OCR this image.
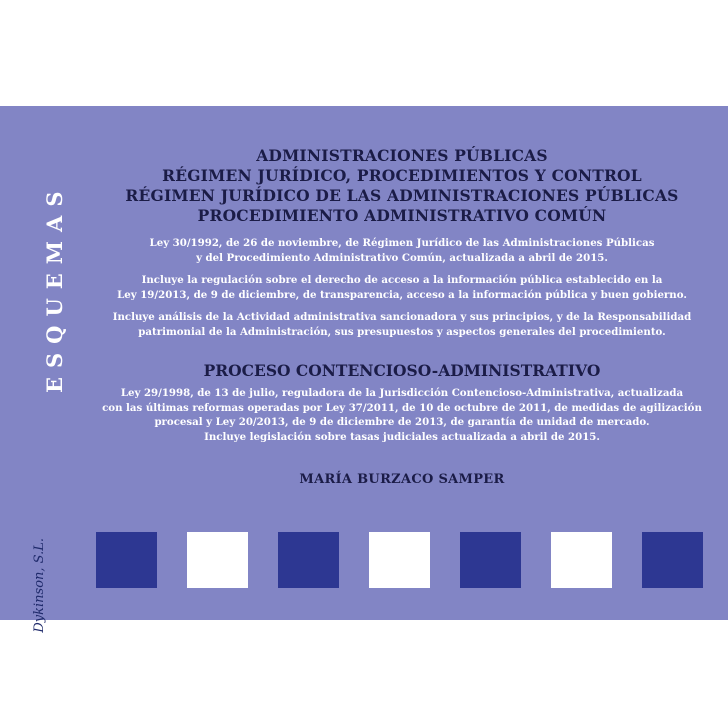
ESQUEMAS
Dykinson, S.L.

ADMINISTRACIONES PÚBLICAS

RÉGIMEN JURÍDICO, PROCEDIMIENTOS Y CONTROL

RÉGIMEN JURÍDICO DE LAS ADMINISTRACIONES PÚBLICAS

PROCEDIMIENTO ADMINISTRATIVO COMÚN

Ley 30/1992, de 26 de noviembre, de Régimen Jurídico de las Administraciones Públicas
y del Procedimiento Administrativo Común, actualizada a abril de 2015.

Incluye la regulación sobre el derecho de acceso a la información pública establecido en la
Ley 19/2013, de 9 de diciembre, de transparencia, acceso a la información pública y buen gobierno.

Incluye análisis de la Actividad administrativa sancionadora y sus principios, y de la Responsabilidad
patrimonial de la Administración, sus presupuestos y aspectos generales del procedimiento.

PROCESO CONTENCIOSO-ADMINISTRATIVO

Ley 29/1998, de 13 de julio, reguladora de la Jurisdicción Contencioso-Administrativa, actualizada
con las últimas reformas operadas por Ley 37/2011, de 10 de octubre de 2011, de medidas de agilización
procesal y Ley 20/2013, de 9 de diciembre de 2013, de garantía de unidad de mercado.
Incluye legislación sobre tasas judiciales actualizada a abril de 2015.

MARÍA BURZACO SAMPER
